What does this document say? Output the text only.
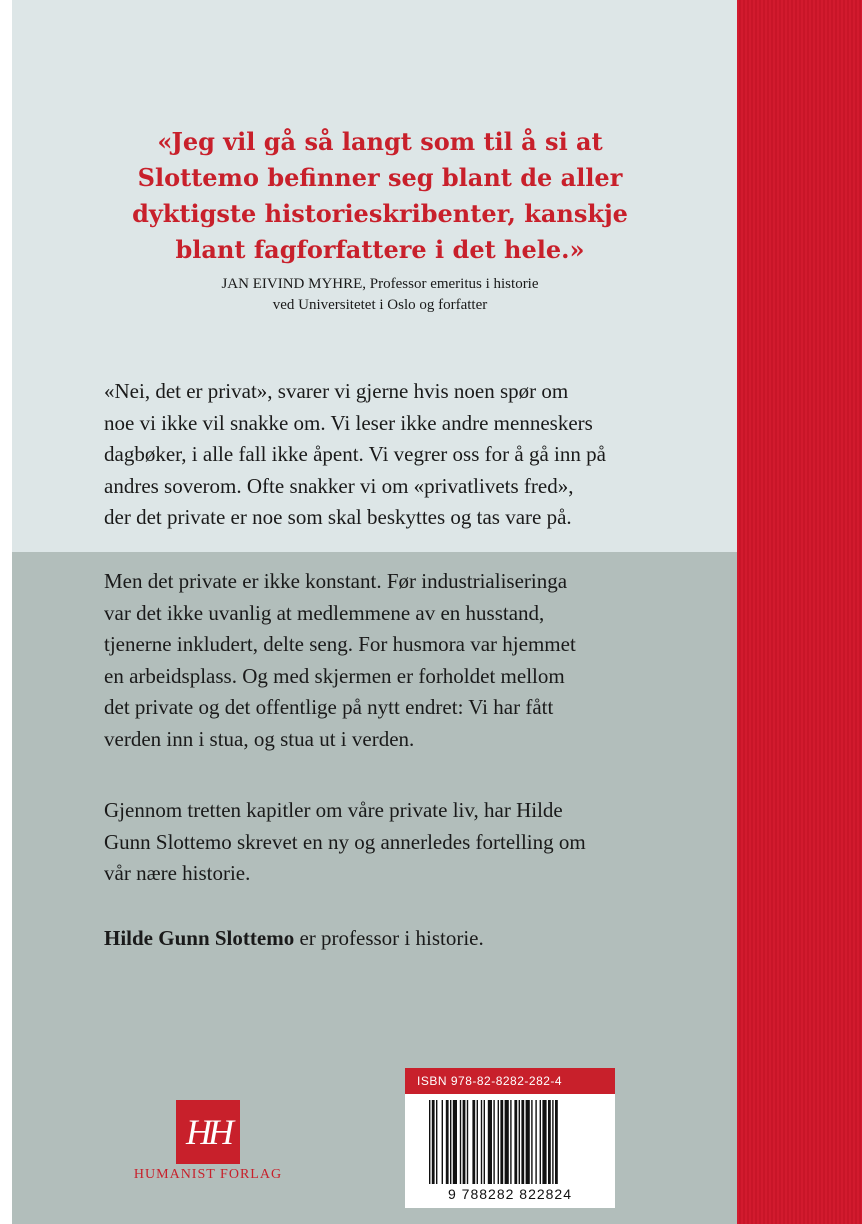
«Jeg vil gå så langt som til å si at
Slottemo befinner seg blant de aller
dyktigste historieskribenter, kanskje
blant fagforfattere i det hele.»

JAN EIVIND MYHRE, Professor emeritus i historie
ved Universitetet i Oslo og forfatter

«Nei, det er privat», svarer vi gjerne hvis noen spør om
noe vi ikke vil snakke om. Vi leser ikke andre menneskers
dagbøker, i alle fall ikke åpent. Vi vegrer oss for å gå inn på
andres soverom. Ofte snakker vi om «privatlivets fred»,
der det private er noe som skal beskyttes og tas vare på.

Men det private er ikke konstant. Før industrialiseringa
var det ikke uvanlig at medlemmene av en husstand,
tjenerne inkludert, delte seng. For husmora var hjemmet
en arbeidsplass. Og med skjermen er forholdet mellom
det private og det offentlige på nytt endret: Vi har fått
verden inn i stua, og stua ut i verden.

Gjennom tretten kapitler om våre private liv, har Hilde
Gunn Slottemo skrevet en ny og annerledes fortelling om
vår nære historie.

Hilde Gunn Slottemo er professor i historie.

HH

HUMANIST FORLAG

ISBN 978-82-8282-282-4

9 788282 822824
